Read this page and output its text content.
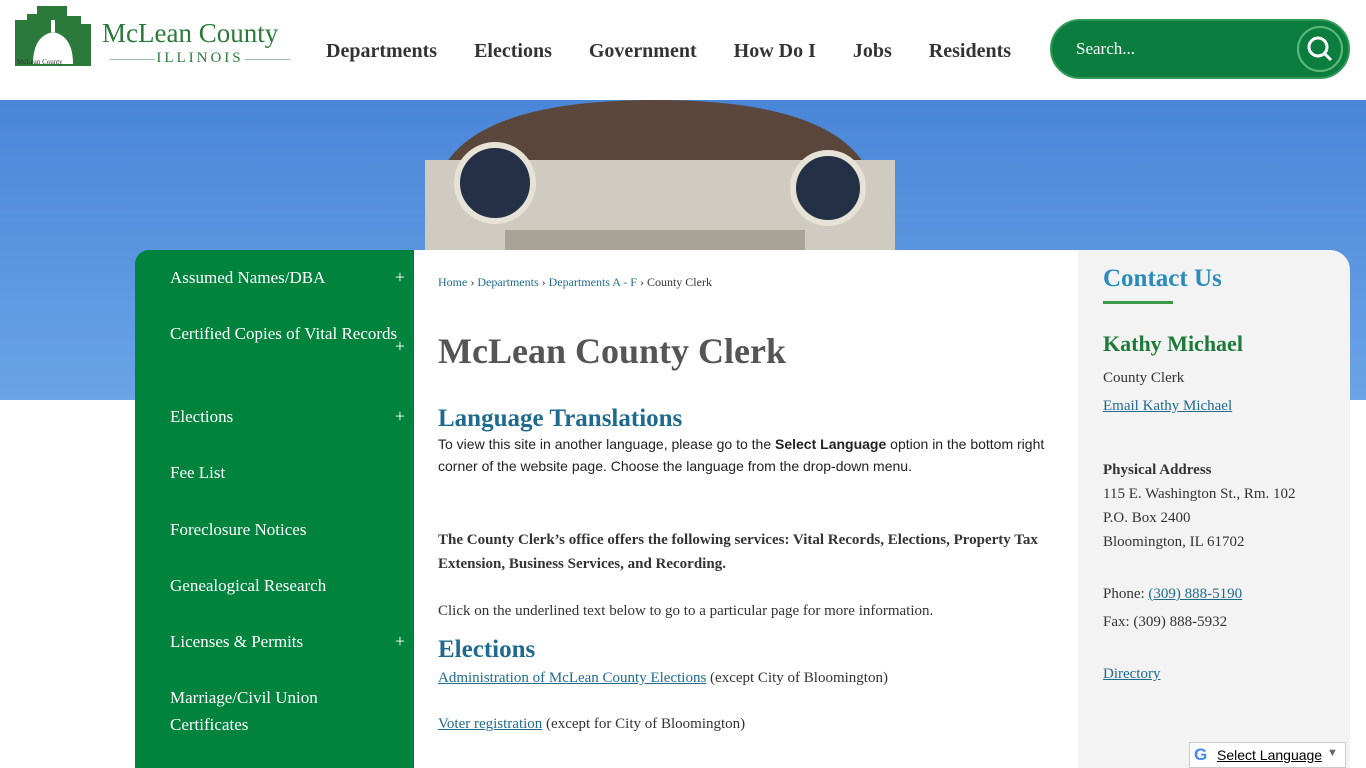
McLean County
McLean County
ILLINOIS	Departments Elections Government How Do I Jobs Residents
Search...
Assumed Names/DBA	+
Certified Copies of Vital Records
+
Elections	+
Fee List
Foreclosure Notices
Genealogical Research
Licenses & Permits	+
Marriage/Civil Union Certificates
Home › Departments › Departments A - F › County Clerk
McLean County Clerk
Language Translations

To view this site in another language, please go to the Select Language option in the bottom right corner of the website page. Choose the language from the drop-down menu.

The County Clerk’s office offers the following services: Vital Records, Elections, Property Tax Extension, Business Services, and Recording.

Click on the underlined text below to go to a particular page for more information.

Elections

Administration of McLean County Elections (except City of Bloomington)

Voter registration (except for City of Bloomington)

Contact Us
Kathy Michael
County Clerk
Email Kathy Michael
Physical Address
115 E. Washington St., Rm. 102
P.O. Box 2400
Bloomington, IL 61702
Phone: (309) 888-5190
Fax: (309) 888-5932
Directory
G Select Language ▼
